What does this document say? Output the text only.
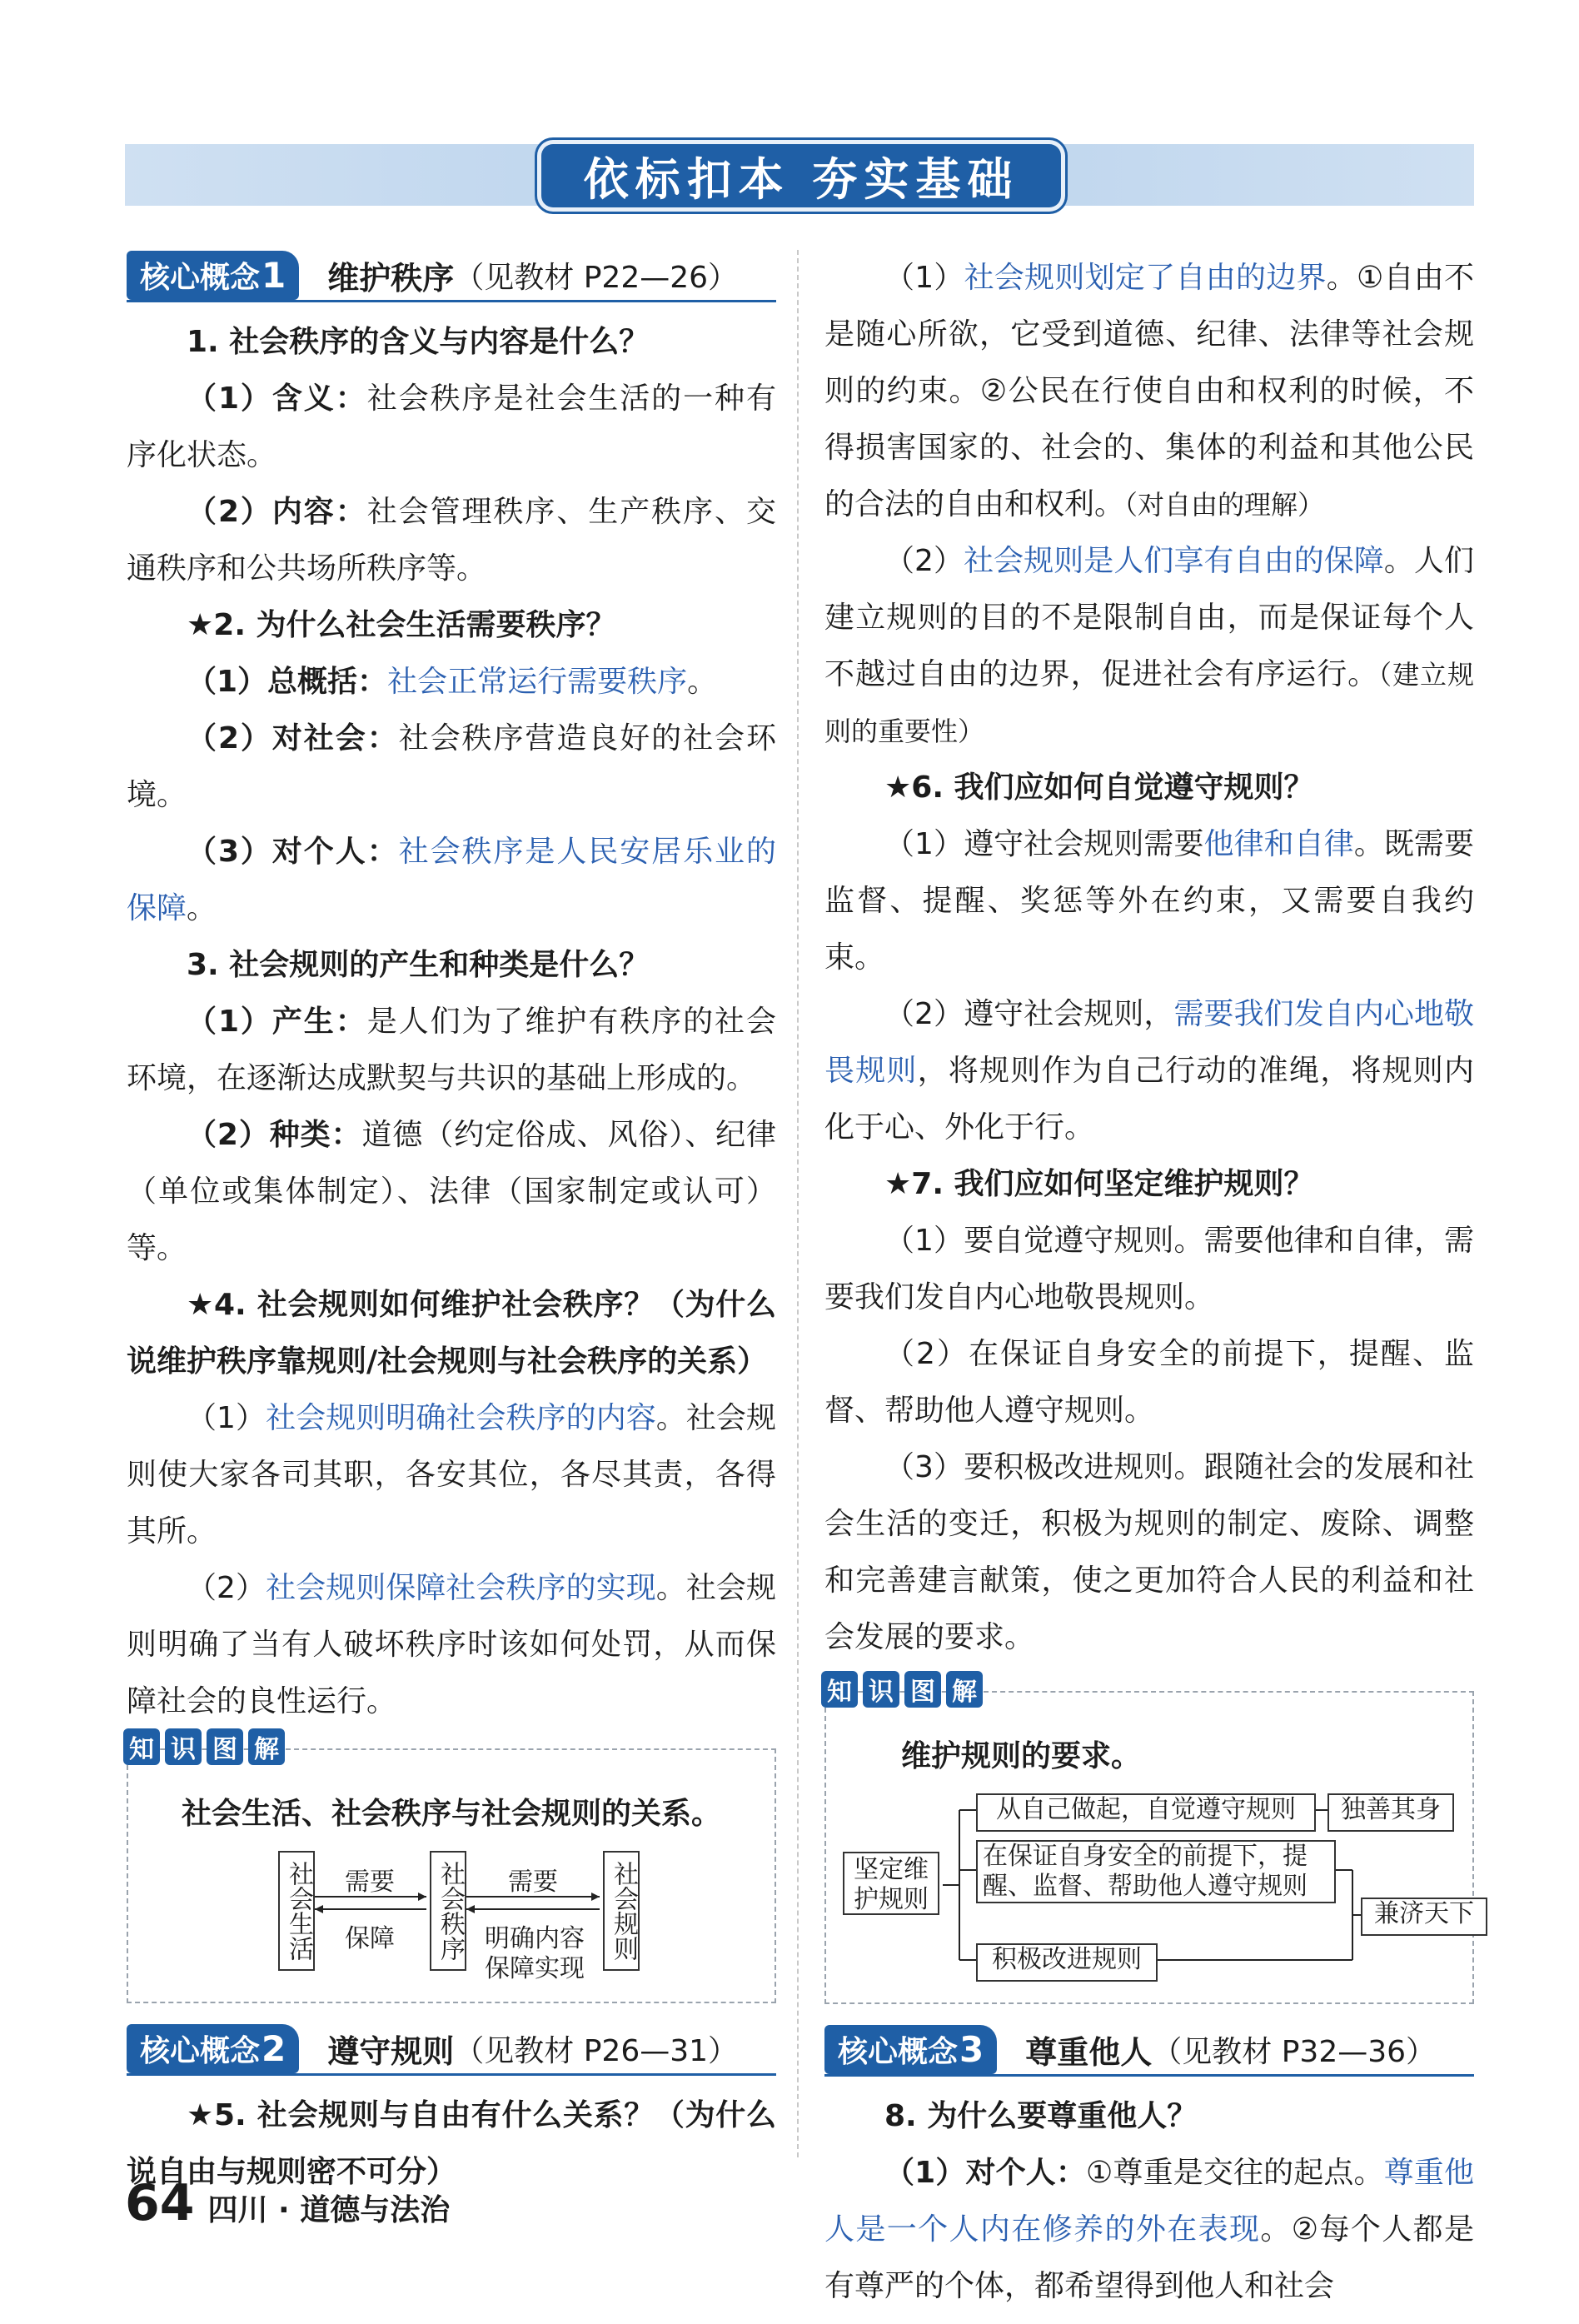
依标扣本 夯实基础
核心概念1	维护秩序 （见教材 P22—26）

1. 社会秩序的含义与内容是什么？

（1）含义：社会秩序是社会生活的一种有序化状态。

（2）内容：社会管理秩序、生产秩序、交通秩序和公共场所秩序等。

★2. 为什么社会生活需要秩序？

（1）总概括：社会正常运行需要秩序。

（2）对社会：社会秩序营造良好的社会环境。

（3）对个人：社会秩序是人民安居乐业的保障。

3. 社会规则的产生和种类是什么？

（1）产生：是人们为了维护有秩序的社会环境，在逐渐达成默契与共识的基础上形成的。

（2）种类：道德（约定俗成、风俗）、纪律（单位或集体制定）、法律（国家制定或认可）等。

★4. 社会规则如何维护社会秩序？（为什么说维护秩序靠规则/社会规则与社会秩序的关系）

（1）社会规则明确社会秩序的内容。社会规则使大家各司其职，各安其位，各尽其责，各得其所。

（2）社会规则保障社会秩序的实现。社会规则明确了当有人破坏秩序时该如何处罚，从而保障社会的良性运行。

知 识 图 解
社会生活、社会秩序与社会规则的关系。
社会生活	社会秩序	社会规则
需要
保障
需要
明确内容
保障实现
核心概念2	遵守规则 （见教材 P26—31）

★5. 社会规则与自由有什么关系？（为什么说自由与规则密不可分）

（1）社会规则划定了自由的边界。①自由不是随心所欲，它受到道德、纪律、法律等社会规则的约束。②公民在行使自由和权利的时候，不得损害国家的、社会的、集体的利益和其他公民的合法的自由和权利。（对自由的理解）

（2）社会规则是人们享有自由的保障。人们建立规则的目的不是限制自由，而是保证每个人不越过自由的边界，促进社会有序运行。（建立规则的重要性）

★6. 我们应如何自觉遵守规则？

（1）遵守社会规则需要他律和自律。既需要监督、提醒、奖惩等外在约束，又需要自我约束。

（2）遵守社会规则，需要我们发自内心地敬畏规则，将规则作为自己行动的准绳，将规则内化于心、外化于行。

★7. 我们应如何坚定维护规则？

（1）要自觉遵守规则。需要他律和自律，需要我们发自内心地敬畏规则。

（2）在保证自身安全的前提下，提醒、监督、帮助他人遵守规则。

（3）要积极改进规则。跟随社会的发展和社会生活的变迁，积极为规则的制定、废除、调整和完善建言献策，使之更加符合人民的利益和社会发展的要求。

知 识 图 解
维护规则的要求。
坚定维护规则
从自己做起，自觉遵守规则
在保证自身安全的前提下，提醒、监督、帮助他人遵守规则
积极改进规则
独善其身
兼济天下
核心概念3	尊重他人 （见教材 P32—36）

8. 为什么要尊重他人？

（1）对个人：①尊重是交往的起点。尊重他人是一个人内在修养的外在表现。②每个人都是有尊严的个体，都希望得到他人和社会

64 四川 · 道德与法治
